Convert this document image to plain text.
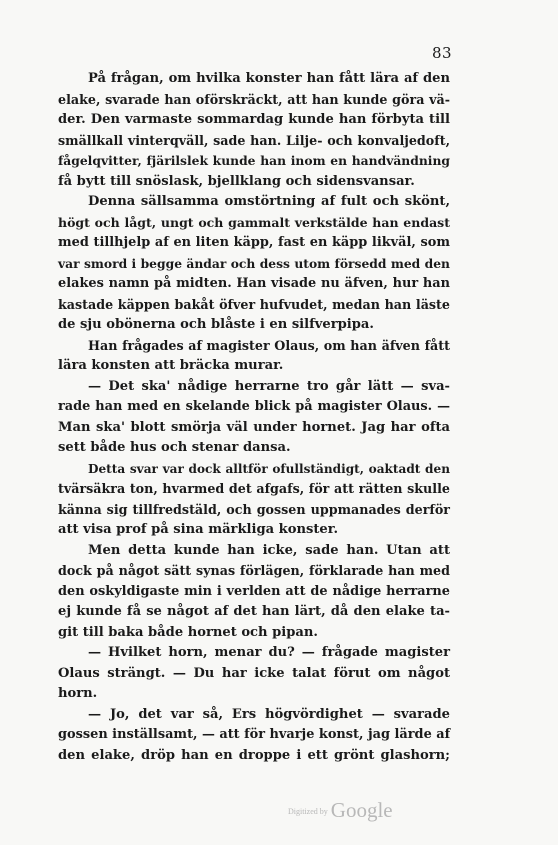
83
På frågan, om hvilka konster han fått lära af den
elake, svarade han oförskräckt, att han kunde göra vä-
der. Den varmaste sommardag kunde han förbyta till
smällkall vinterqväll, sade han. Lilje- och konvaljedoft,
fågelqvitter, fjärilslek kunde han inom en handvändning
få bytt till snöslask, bjellklang och sidensvansar.
Denna sällsamma omstörtning af fult och skönt,
högt och lågt, ungt och gammalt verkstälde han endast
med tillhjelp af en liten käpp, fast en käpp likväl, som
var smord i begge ändar och dess utom försedd med den
elakes namn på midten. Han visade nu äfven, hur han
kastade käppen bakåt öfver hufvudet, medan han läste
de sju obönerna och blåste i en silfverpipa.
Han frågades af magister Olaus, om han äfven fått
lära konsten att bräcka murar.
— Det ska' nådige herrarne tro går lätt — sva-
rade han med en skelande blick på magister Olaus. —
Man ska' blott smörja väl under hornet. Jag har ofta
sett både hus och stenar dansa.
Detta svar var dock alltför ofullständigt, oaktadt den
tvärsäkra ton, hvarmed det afgafs, för att rätten skulle
känna sig tillfredstäld, och gossen uppmanades derför
att visa prof på sina märkliga konster.
Men detta kunde han icke, sade han. Utan att
dock på något sätt synas förlägen, förklarade han med
den oskyldigaste min i verlden att de nådige herrarne
ej kunde få se något af det han lärt, då den elake ta-
git till baka både hornet och pipan.
— Hvilket horn, menar du? — frågade magister
Olaus strängt. — Du har icke talat förut om något
horn.
— Jo, det var så, Ers högvördighet — svarade
gossen inställsamt, — att för hvarje konst, jag lärde af
den elake, dröp han en droppe i ett grönt glashorn;
Digitized by Google
